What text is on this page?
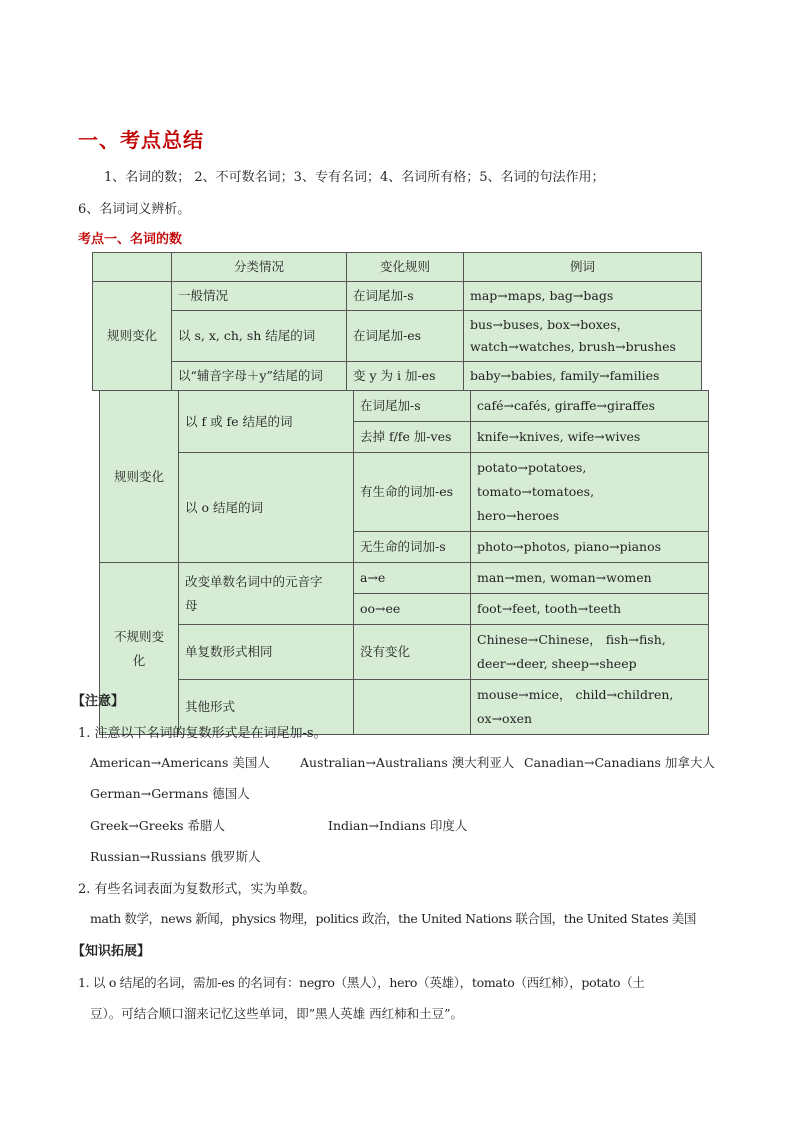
一、考点总结
1、名词的数； 2、不可数名词；3、专有名词；4、名词所有格；5、名词的句法作用；
6、名词词义辨析。
考点一、名词的数
	分类情况	变化规则	例词
规则变化	一般情况	在词尾加-s	map→maps, bag→bags
	以 s, x, ch, sh 结尾的词	在词尾加-es	bus→buses, box→boxes，
watch→watches, brush→brushes

	以“辅音字母＋y”结尾的词	变 y 为 i 加-es	baby→babies, family→families
规则变化	以 f 或 fe 结尾的词	在词尾加-s	café→cafés, giraffe→giraffes
		去掉 f/fe 加-ves	knife→knives, wife→wives
	以 o 结尾的词	有生命的词加-es	potato→potatoes, tomato→tomatoes,
hero→heroes

		无生命的词加-s	photo→photos, piano→pianos

不规则变
化	改变单数名词中的元音字
母	a→e	man→men, woman→women
		oo→ee	foot→feet, tooth→teeth
	单复数形式相同	没有变化	Chinese→Chinese， fish→fish,
deer→deer, sheep→sheep

	其他形式		mouse→mice， child→children,
ox→oxen
【注意】
1. 注意以下名词的复数形式是在词尾加-s。
American→Americans 美国人 Australian→Australians 澳大利亚人 Canadian→Canadians 加拿大人
German→Germans 德国人
Greek→Greeks 希腊人	Indian→Indians 印度人
Russian→Russians 俄罗斯人
2. 有些名词表面为复数形式，实为单数。
math 数学，news 新闻，physics 物理，politics 政治，the United Nations 联合国，the United States 美国
【知识拓展】
1. 以 o 结尾的名词，需加-es 的名词有：negro（黑人），hero（英雄），tomato（西红柿），potato（土
豆）。可结合顺口溜来记忆这些单词，即”黑人英雄 西红柿和土豆”。
